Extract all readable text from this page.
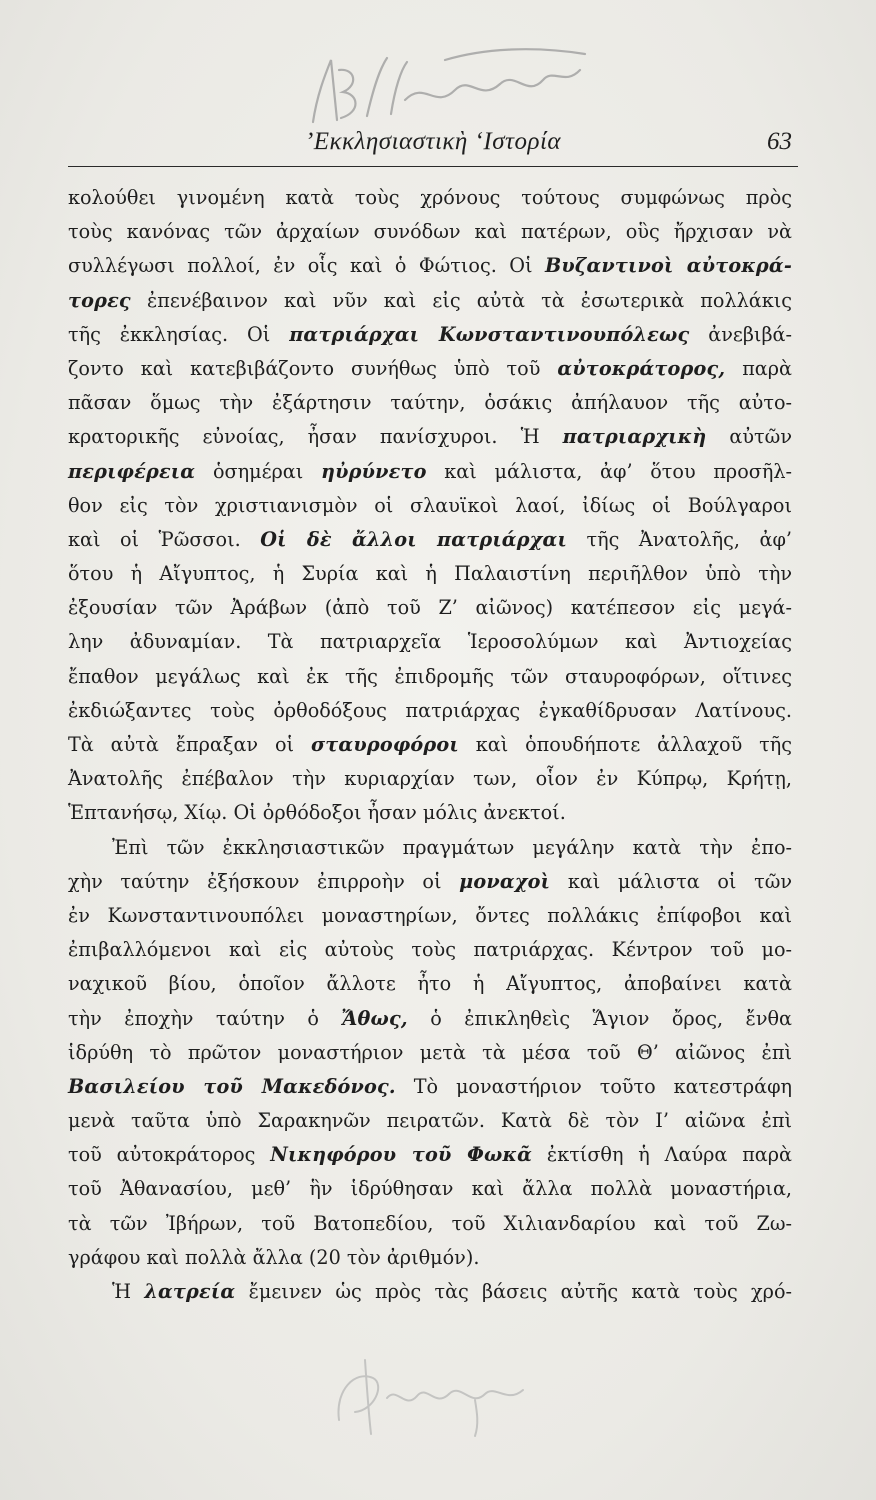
’Εκκλησιαστικὴ ‘Ιστορία	63
κολούθει γινομένη κατὰ τοὺς χρόνους τούτους συμφώνως πρὸς
τοὺς κανόνας τῶν ἀρχαίων συνόδων καὶ πατέρων, οὓς ἤρχισαν νὰ
συλλέγωσι πολλοί, ἐν οἷς καὶ ὁ Φώτιος. Οἱ Βυζαντινοὶ αὐτοκρά-
τορες ἐπενέβαινον καὶ νῦν καὶ εἰς αὐτὰ τὰ ἐσωτερικὰ πολλάκις
τῆς ἐκκλησίας. Οἱ πατριάρχαι Κωνσταντινουπόλεως ἀνεβιβά-
ζοντο καὶ κατεβιβάζοντο συνήθως ὑπὸ τοῦ αὐτοκράτορος, παρὰ
πᾶσαν ὅμως τὴν ἐξάρτησιν ταύτην, ὁσάκις ἀπήλαυον τῆς αὐτο-
κρατορικῆς εὐνοίας, ἦσαν πανίσχυροι. Ἡ πατριαρχικὴ αὐτῶν
περιφέρεια ὁσημέραι ηὐρύνετο καὶ μάλιστα, ἀφ’ ὅτου προσῆλ-
θον εἰς τὸν χριστιανισμὸν οἱ σλαυϊκοὶ λαοί, ἰδίως οἱ Βούλγαροι
καὶ οἱ Ῥῶσσοι. Οἱ δὲ ἄλλοι πατριάρχαι τῆς Ἀνατολῆς, ἀφ’
ὅτου ἡ Αἴγυπτος, ἡ Συρία καὶ ἡ Παλαιστίνη περιῆλθον ὑπὸ τὴν
ἐξουσίαν τῶν Ἀράβων (ἀπὸ τοῦ Ζ’ αἰῶνος) κατέπεσον εἰς μεγά-
λην ἀδυναμίαν. Τὰ πατριαρχεῖα Ἱεροσολύμων καὶ Ἀντιοχείας
ἔπαθον μεγάλως καὶ ἐκ τῆς ἐπιδρομῆς τῶν σταυροφόρων, οἵτινες
ἐκδιώξαντες τοὺς ὀρθοδόξους πατριάρχας ἐγκαθίδρυσαν Λατίνους.
Τὰ αὐτὰ ἔπραξαν οἱ σταυροφόροι καὶ ὁπουδήποτε ἀλλαχοῦ τῆς
Ἀνατολῆς ἐπέβαλον τὴν κυριαρχίαν των, οἷον ἐν Κύπρῳ, Κρήτῃ,
Ἑπτανήσῳ, Χίῳ. Οἱ ὀρθόδοξοι ἦσαν μόλις ἀνεκτοί.
Ἐπὶ τῶν ἐκκλησιαστικῶν πραγμάτων μεγάλην κατὰ τὴν ἐπο-
χὴν ταύτην ἐξήσκουν ἐπιρροὴν οἱ μοναχοὶ καὶ μάλιστα οἱ τῶν
ἐν Κωνσταντινουπόλει μοναστηρίων, ὄντες πολλάκις ἐπίφοβοι καὶ
ἐπιβαλλόμενοι καὶ εἰς αὐτοὺς τοὺς πατριάρχας. Κέντρον τοῦ μο-
ναχικοῦ βίου, ὁποῖον ἄλλοτε ἦτο ἡ Αἴγυπτος, ἀποβαίνει κατὰ
τὴν ἐποχὴν ταύτην ὁ Ἄθως, ὁ ἐπικληθεὶς Ἅγιον ὄρος, ἔνθα
ἱδρύθη τὸ πρῶτον μοναστήριον μετὰ τὰ μέσα τοῦ Θ’ αἰῶνος ἐπὶ
Βασιλείου τοῦ Μακεδόνος. Τὸ μοναστήριον τοῦτο κατεστράφη
μενὰ ταῦτα ὑπὸ Σαρακηνῶν πειρατῶν. Κατὰ δὲ τὸν Ι’ αἰῶνα ἐπὶ
τοῦ αὐτοκράτορος Νικηφόρου τοῦ Φωκᾶ ἐκτίσθη ἡ Λαύρα παρὰ
τοῦ Ἀθανασίου, μεθ’ ἣν ἱδρύθησαν καὶ ἄλλα πολλὰ μοναστήρια,
τὰ τῶν Ἰβήρων, τοῦ Βατοπεδίου, τοῦ Χιλιανδαρίου καὶ τοῦ Ζω-
γράφου καὶ πολλὰ ἄλλα (20 τὸν ἀριθμόν).
Ἡ λατρεία ἔμεινεν ὡς πρὸς τὰς βάσεις αὐτῆς κατὰ τοὺς χρό-
